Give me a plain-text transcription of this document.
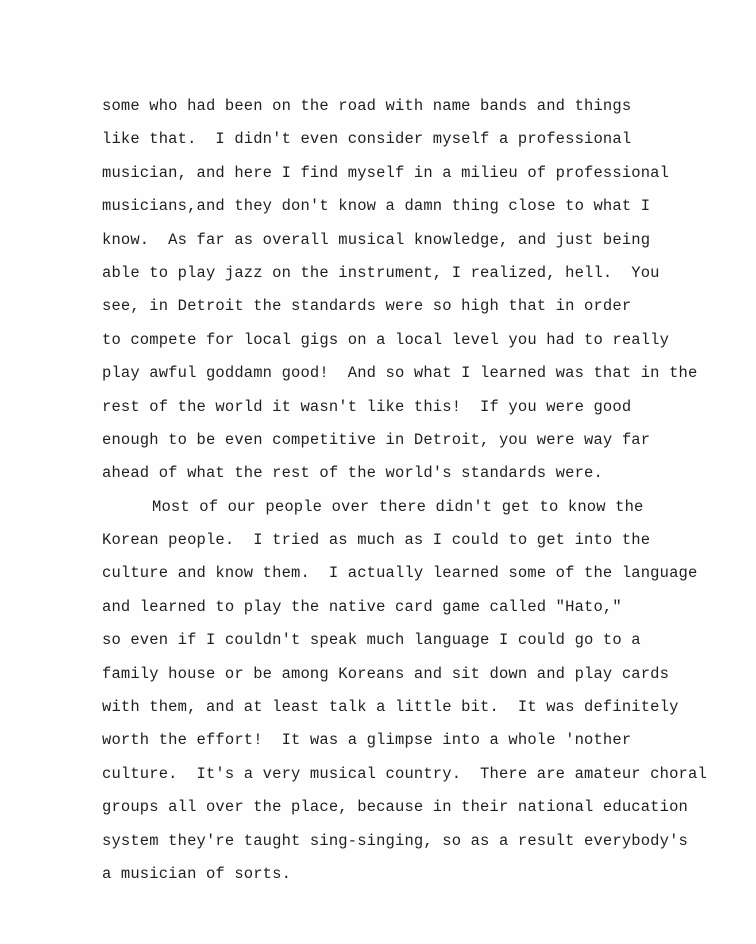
some who had been on the road with name bands and things
like that.  I didn't even consider myself a professional
musician, and here I find myself in a milieu of professional
musicians,and they don't know a damn thing close to what I
know.  As far as overall musical knowledge, and just being
able to play jazz on the instrument, I realized, hell.  You
see, in Detroit the standards were so high that in order
to compete for local gigs on a local level you had to really
play awful goddamn good!  And so what I learned was that in the
rest of the world it wasn't like this!  If you were good
enough to be even competitive in Detroit, you were way far
ahead of what the rest of the world's standards were.
Most of our people over there didn't get to know the
Korean people.  I tried as much as I could to get into the
culture and know them.  I actually learned some of the language
and learned to play the native card game called "Hato,"
so even if I couldn't speak much language I could go to a
family house or be among Koreans and sit down and play cards
with them, and at least talk a little bit.  It was definitely
worth the effort!  It was a glimpse into a whole 'nother
culture.  It's a very musical country.  There are amateur choral
groups all over the place, because in their national education
system they're taught sing-singing, so as a result everybody's
a musician of sorts.
